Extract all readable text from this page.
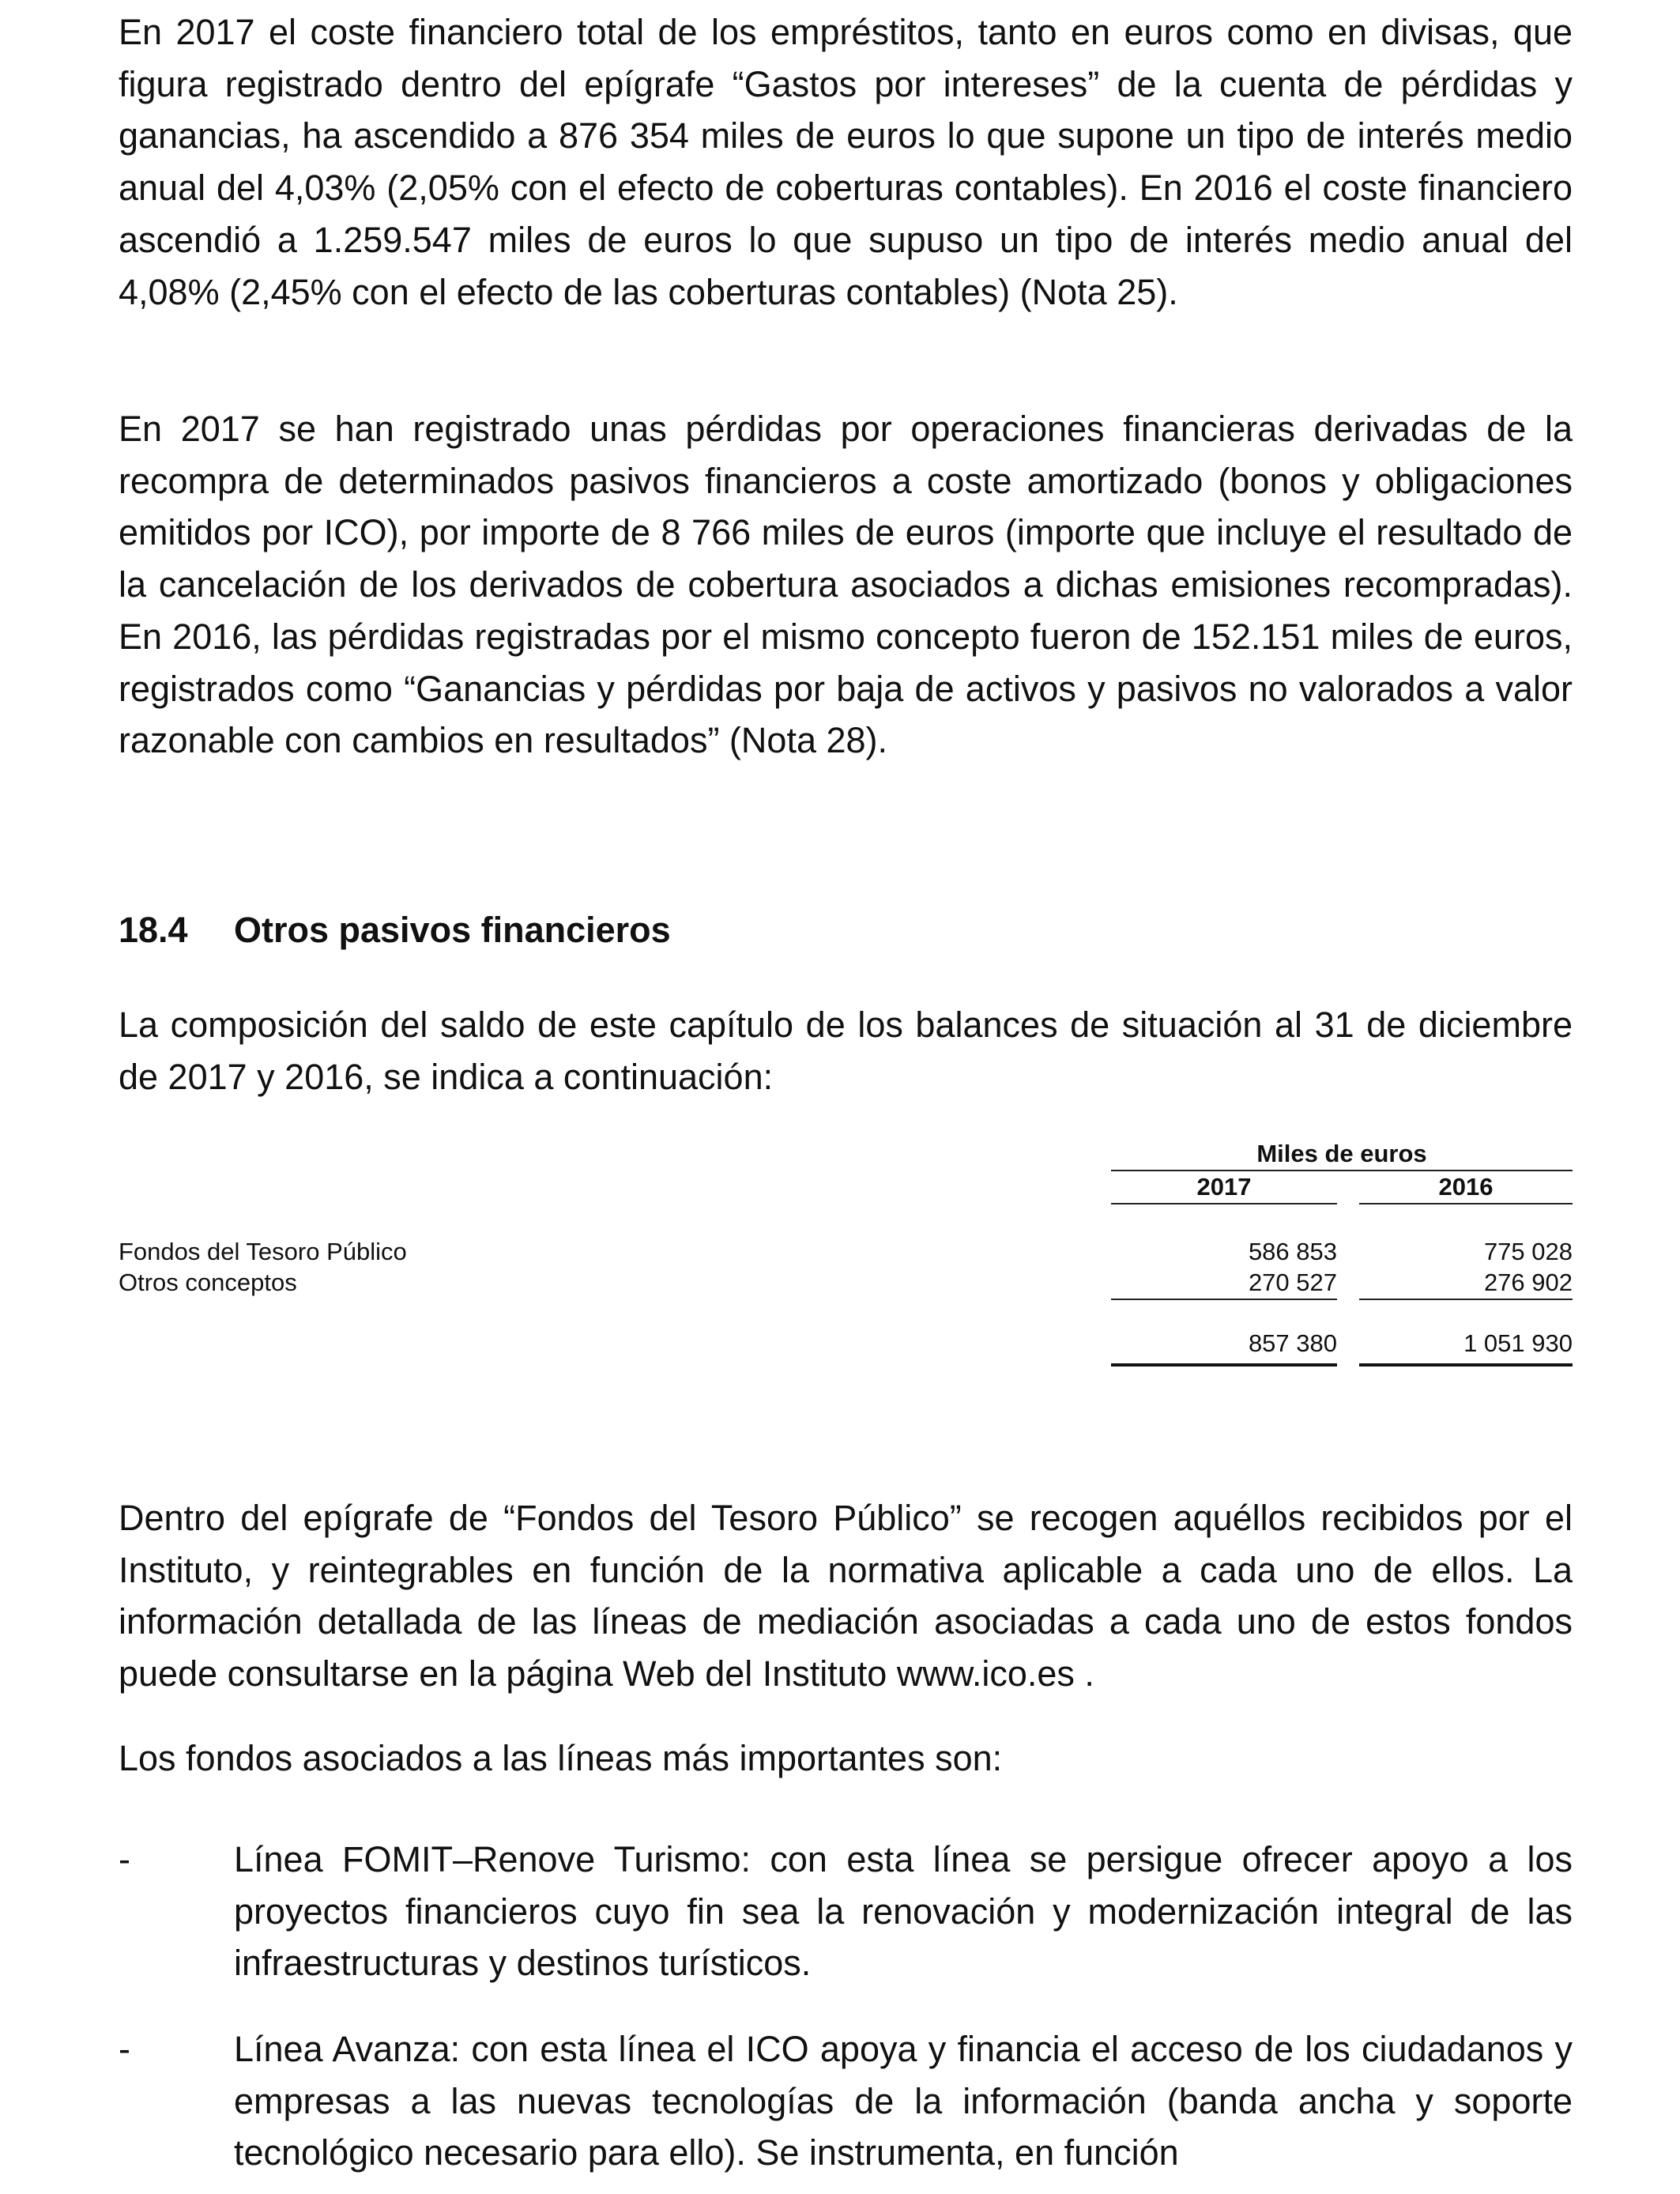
En 2017 el coste financiero total de los empréstitos, tanto en euros como en divisas, que figura registrado dentro del epígrafe “Gastos por intereses” de la cuenta de pérdidas y ganancias, ha ascendido a 876 354 miles de euros lo que supone un tipo de interés medio anual del 4,03% (2,05% con el efecto de coberturas contables). En 2016 el coste financiero ascendió a 1.259.547 miles de euros lo que supuso un tipo de interés medio anual del 4,08% (2,45% con el efecto de las coberturas contables) (Nota 25).

En 2017 se han registrado unas pérdidas por operaciones financieras derivadas de la recompra de determinados pasivos financieros a coste amortizado (bonos y obligaciones emitidos por ICO), por importe de 8 766 miles de euros (importe que incluye el resultado de la cancelación de los derivados de cobertura asociados a dichas emisiones recompradas). En 2016, las pérdidas registradas por el mismo concepto fueron de 152.151 miles de euros, registrados como “Ganancias y pérdidas por baja de activos y pasivos no valorados a valor razonable con cambios en resultados” (Nota 28).

18.4 Otros pasivos financieros

La composición del saldo de este capítulo de los balances de situación al 31 de diciembre de 2017 y 2016, se indica a continuación:

Miles de euros
2017	2016
Fondos del Tesoro Público	586 853	775 028
Otros conceptos	270 527	276 902
857 380	1 051 930

Dentro del epígrafe de “Fondos del Tesoro Público” se recogen aquéllos recibidos por el Instituto, y reintegrables en función de la normativa aplicable a cada uno de ellos. La información detallada de las líneas de mediación asociadas a cada uno de estos fondos puede consultarse en la página Web del Instituto www.ico.es .

Los fondos asociados a las líneas más importantes son:

-	Línea FOMIT–Renove Turismo: con esta línea se persigue ofrecer apoyo a los proyectos financieros cuyo fin sea la renovación y modernización integral de las infraestructuras y destinos turísticos.

-	Línea Avanza: con esta línea el ICO apoya y financia el acceso de los ciudadanos y empresas a las nuevas tecnologías de la información (banda ancha y soporte tecnológico necesario para ello). Se instrumenta, en función
